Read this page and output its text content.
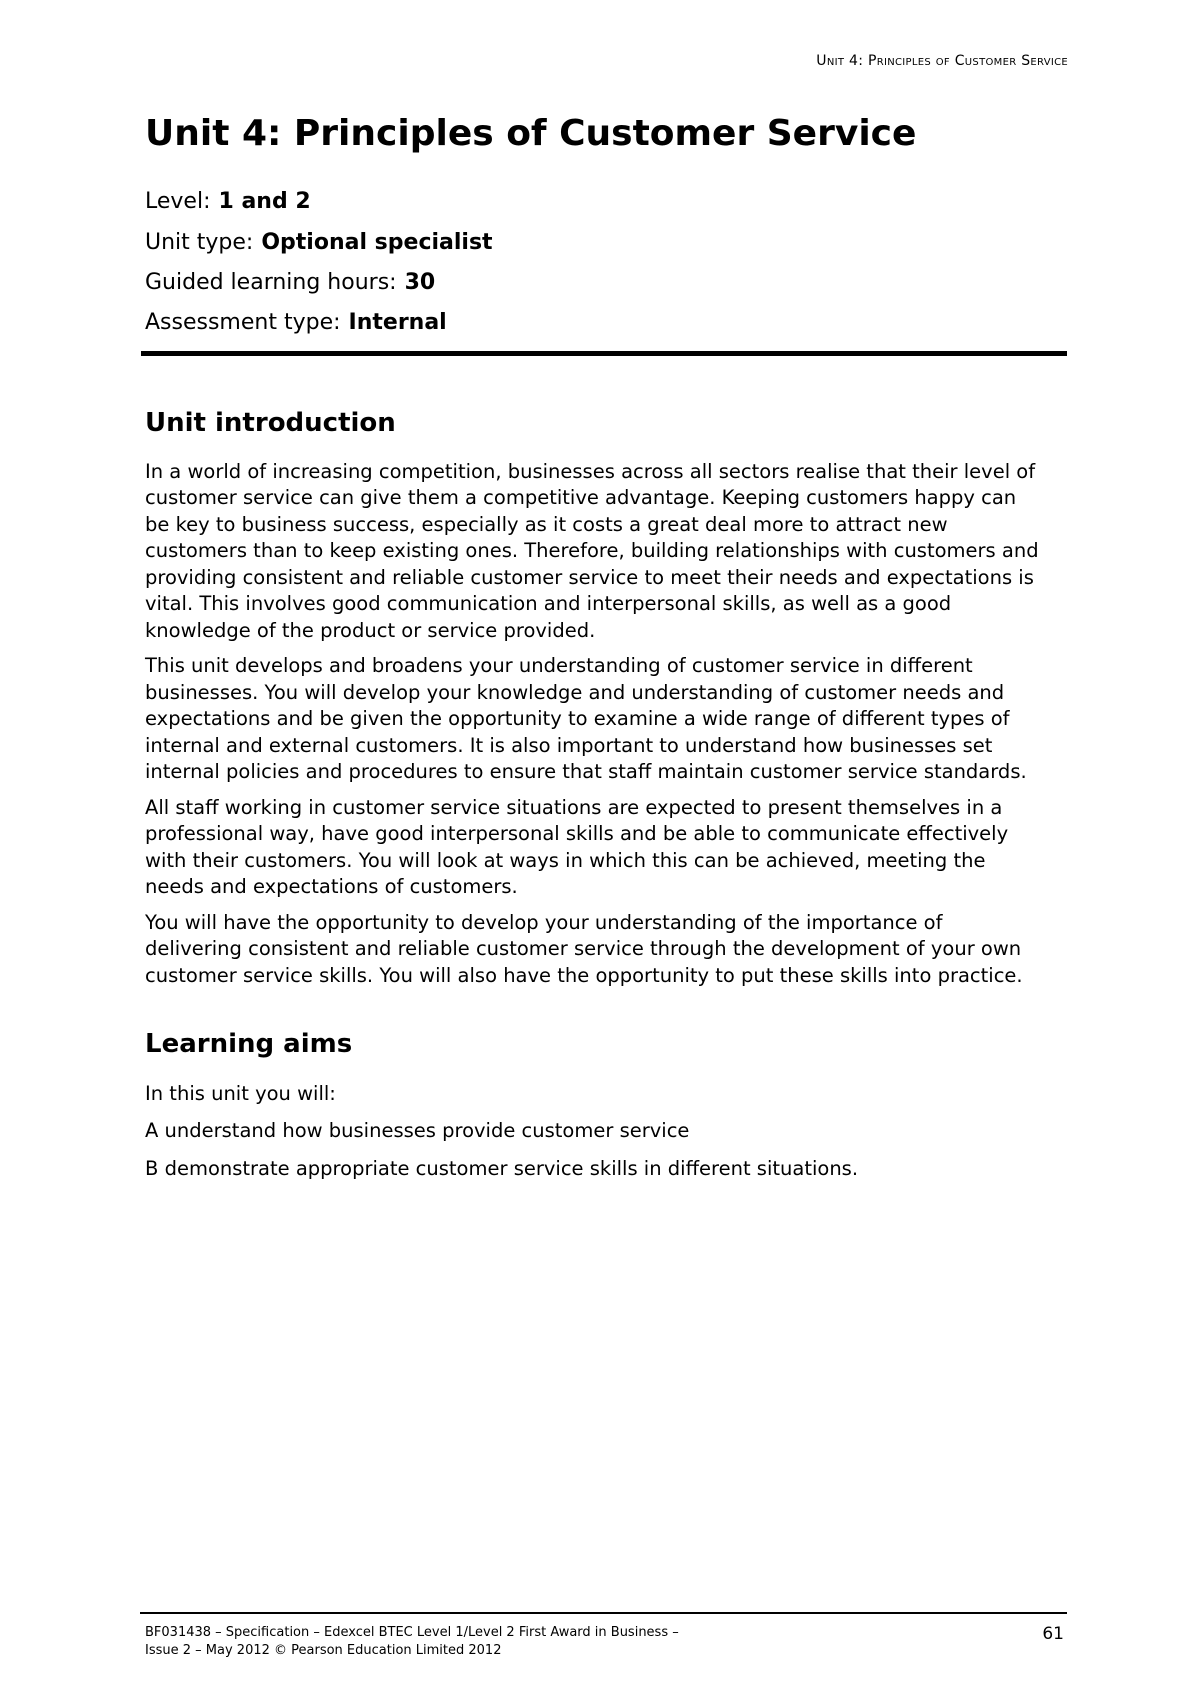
Unit 4: Principles of Customer Service
Unit 4: Principles of Customer Service
Level: 1 and 2
Unit type: Optional specialist
Guided learning hours: 30
Assessment type: Internal
Unit introduction

In a world of increasing competition, businesses across all sectors realise that their level of customer service can give them a competitive advantage. Keeping customers happy can be key to business success, especially as it costs a great deal more to attract new customers than to keep existing ones. Therefore, building relationships with customers and providing consistent and reliable customer service to meet their needs and expectations is vital. This involves good communication and interpersonal skills, as well as a good knowledge of the product or service provided.

This unit develops and broadens your understanding of customer service in different businesses. You will develop your knowledge and understanding of customer needs and expectations and be given the opportunity to examine a wide range of different types of internal and external customers. It is also important to understand how businesses set internal policies and procedures to ensure that staff maintain customer service standards.

All staff working in customer service situations are expected to present themselves in a professional way, have good interpersonal skills and be able to communicate effectively with their customers. You will look at ways in which this can be achieved, meeting the needs and expectations of customers.

You will have the opportunity to develop your understanding of the importance of delivering consistent and reliable customer service through the development of your own customer service skills. You will also have the opportunity to put these skills into practice.

Learning aims

In this unit you will:

A understand how businesses provide customer service

B demonstrate appropriate customer service skills in different situations.

BF031438 – Specification – Edexcel BTEC Level 1/Level 2 First Award in Business –
Issue 2 – May 2012 © Pearson Education Limited 2012
61
